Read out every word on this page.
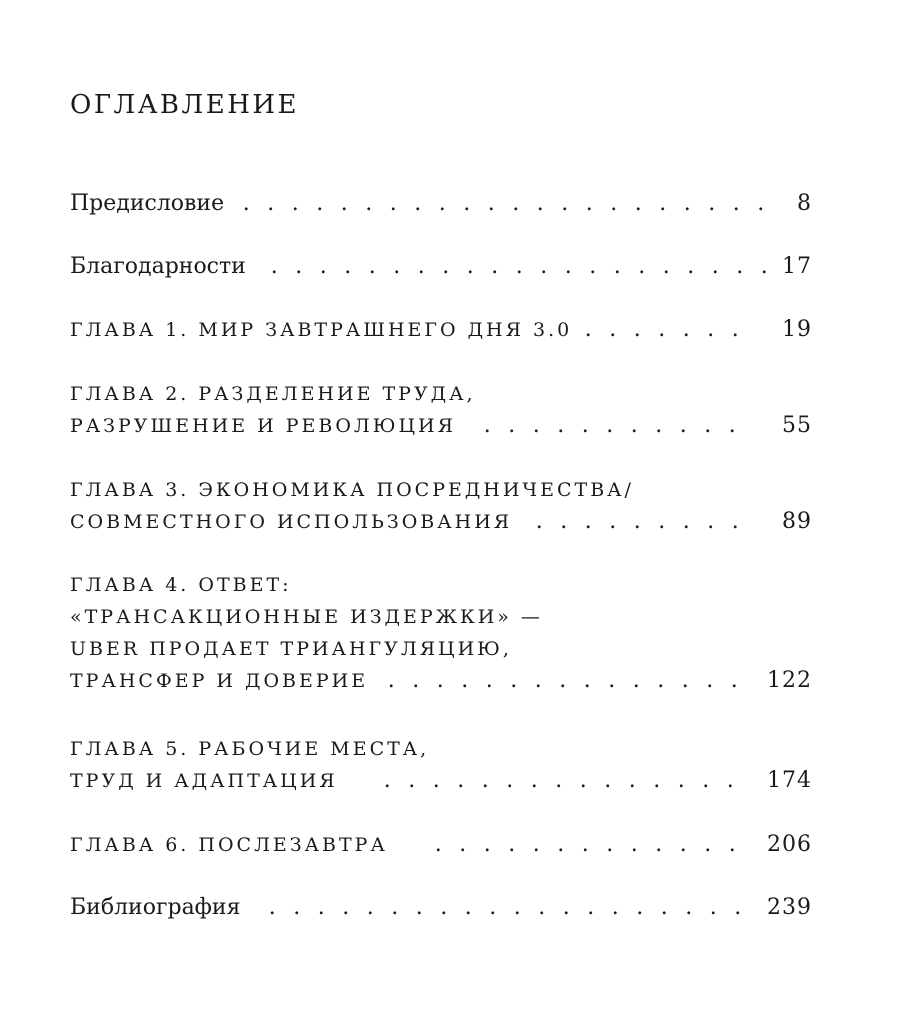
ОГЛАВЛЕНИЕ
Предисловие . . . . . . . . . . . . . . . . . . . . . .	8
Благодарности	. . . . . . . . . . . . . . . . . . . . . 17
ГЛАВА 1. МИР ЗАВТРАШНЕГО ДНЯ 3.0 . . . . . . .	19
ГЛАВА 2. РАЗДЕЛЕНИЕ ТРУДА,
РАЗРУШЕНИЕ И РЕВОЛЮЦИЯ	. . . . . . . . . . .	55
ГЛАВА 3. ЭКОНОМИКА ПОСРЕДНИЧЕСТВА/
СОВМЕСТНОГО ИСПОЛЬЗОВАНИЯ	. . . . . . . . .	89
ГЛАВА 4. ОТВЕТ:
«ТРАНСАКЦИОННЫЕ ИЗДЕРЖКИ» —
UBER ПРОДАЕТ ТРИАНГУЛЯЦИЮ,
ТРАНСФЕР И ДОВЕРИЕ . . . . . . . . . . . . . . .	122
ГЛАВА 5. РАБОЧИЕ МЕСТА,
ТРУД И АДАПТАЦИЯ	. . . . . . . . . . . . . . .	174
ГЛАВА 6. ПОСЛЕЗАВТРА	. . . . . . . . . . . . .	206
Библиография	. . . . . . . . . . . . . . . . . . . .	239
